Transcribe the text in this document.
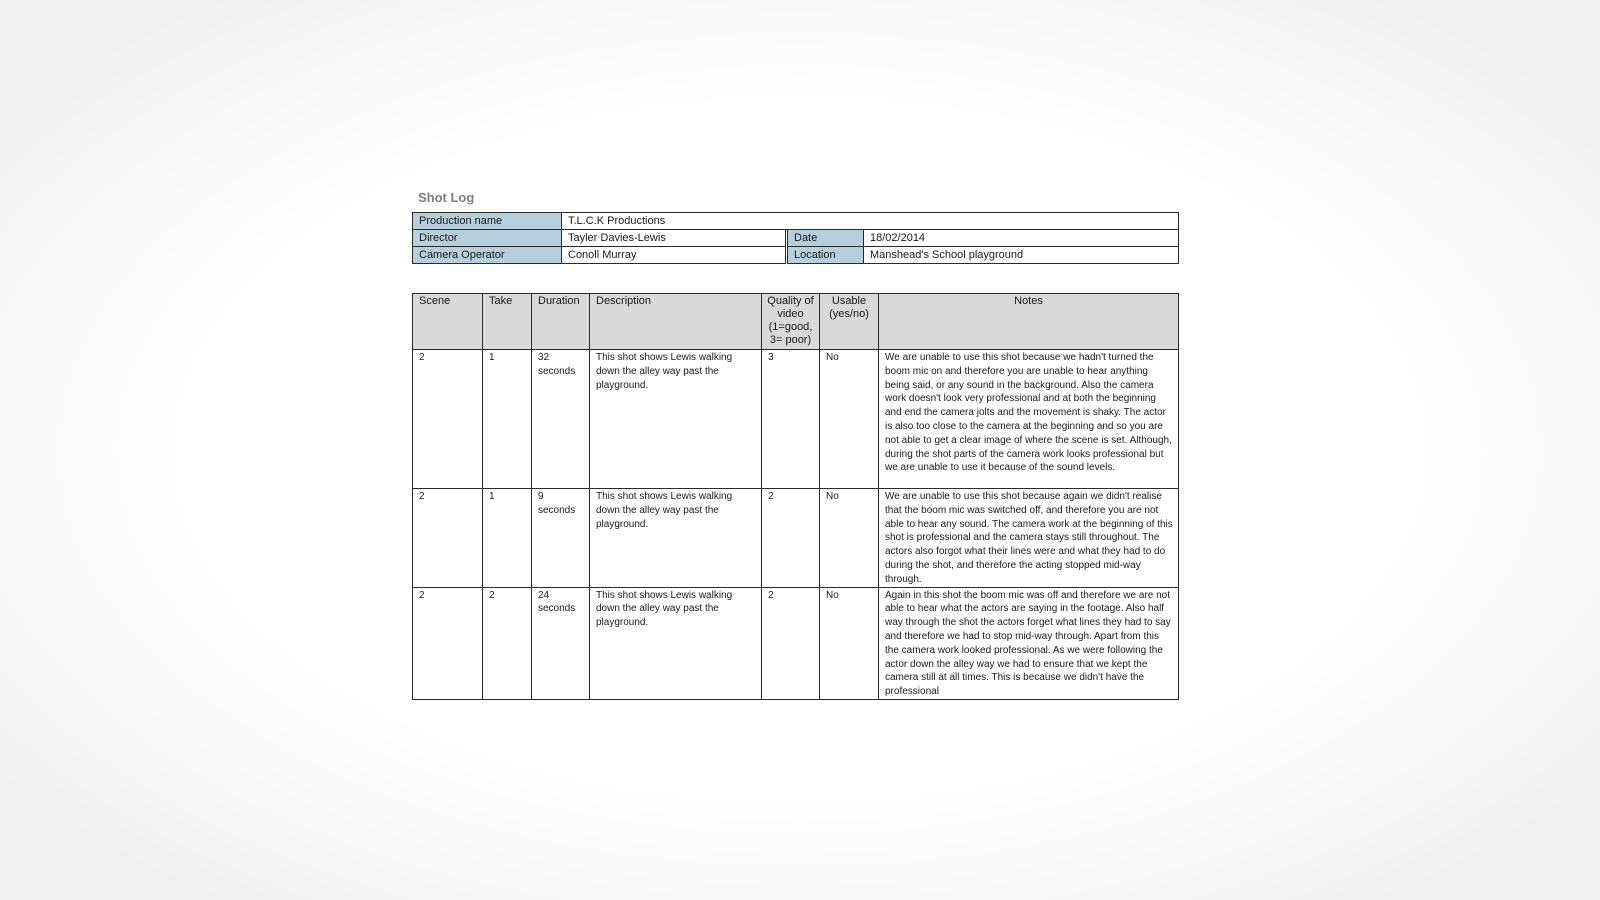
Shot Log
Production name	T.L.C.K Productions			
Director	Tayler Davies-Lewis		Date	18/02/2014
Camera Operator	Conoll Murray		Location	Manshead's School playground
Scene	Take	Duration	Description	Quality of video (1=good, 3= poor)	Usable (yes/no)	Notes
2	1	32 seconds	This shot shows Lewis walking down the alley way past the playground.	3	No	We are unable to use this shot because we hadn't turned the boom mic on and therefore you are unable to hear anything being said, or any sound in the background. Also the camera work doesn't look very professional and at both the beginning and end the camera jolts and the movement is shaky. The actor is also too close to the camera at the beginning and so you are not able to get a clear image of where the scene is set. Although, during the shot parts of the camera work looks professional but we are unable to use it because of the sound levels.
2	1	9 seconds	This shot shows Lewis walking down the alley way past the playground.	2	No	We are unable to use this shot because again we didn't realise that the boom mic was switched off, and therefore you are not able to hear any sound. The camera work at the beginning of this shot is professional and the camera stays still throughout. The actors also forgot what their lines were and what they had to do during the shot, and therefore the acting stopped mid-way through.
2	2	24 seconds	This shot shows Lewis walking down the alley way past the playground.	2	No	Again in this shot the boom mic was off and therefore we are not able to hear what the actors are saying in the footage. Also half way through the shot the actors forget what lines they had to say and therefore we had to stop mid-way through. Apart from this the camera work looked professional. As we were following the actor down the alley way we had to ensure that we kept the camera still at all times. This is because we didn't have the professional
